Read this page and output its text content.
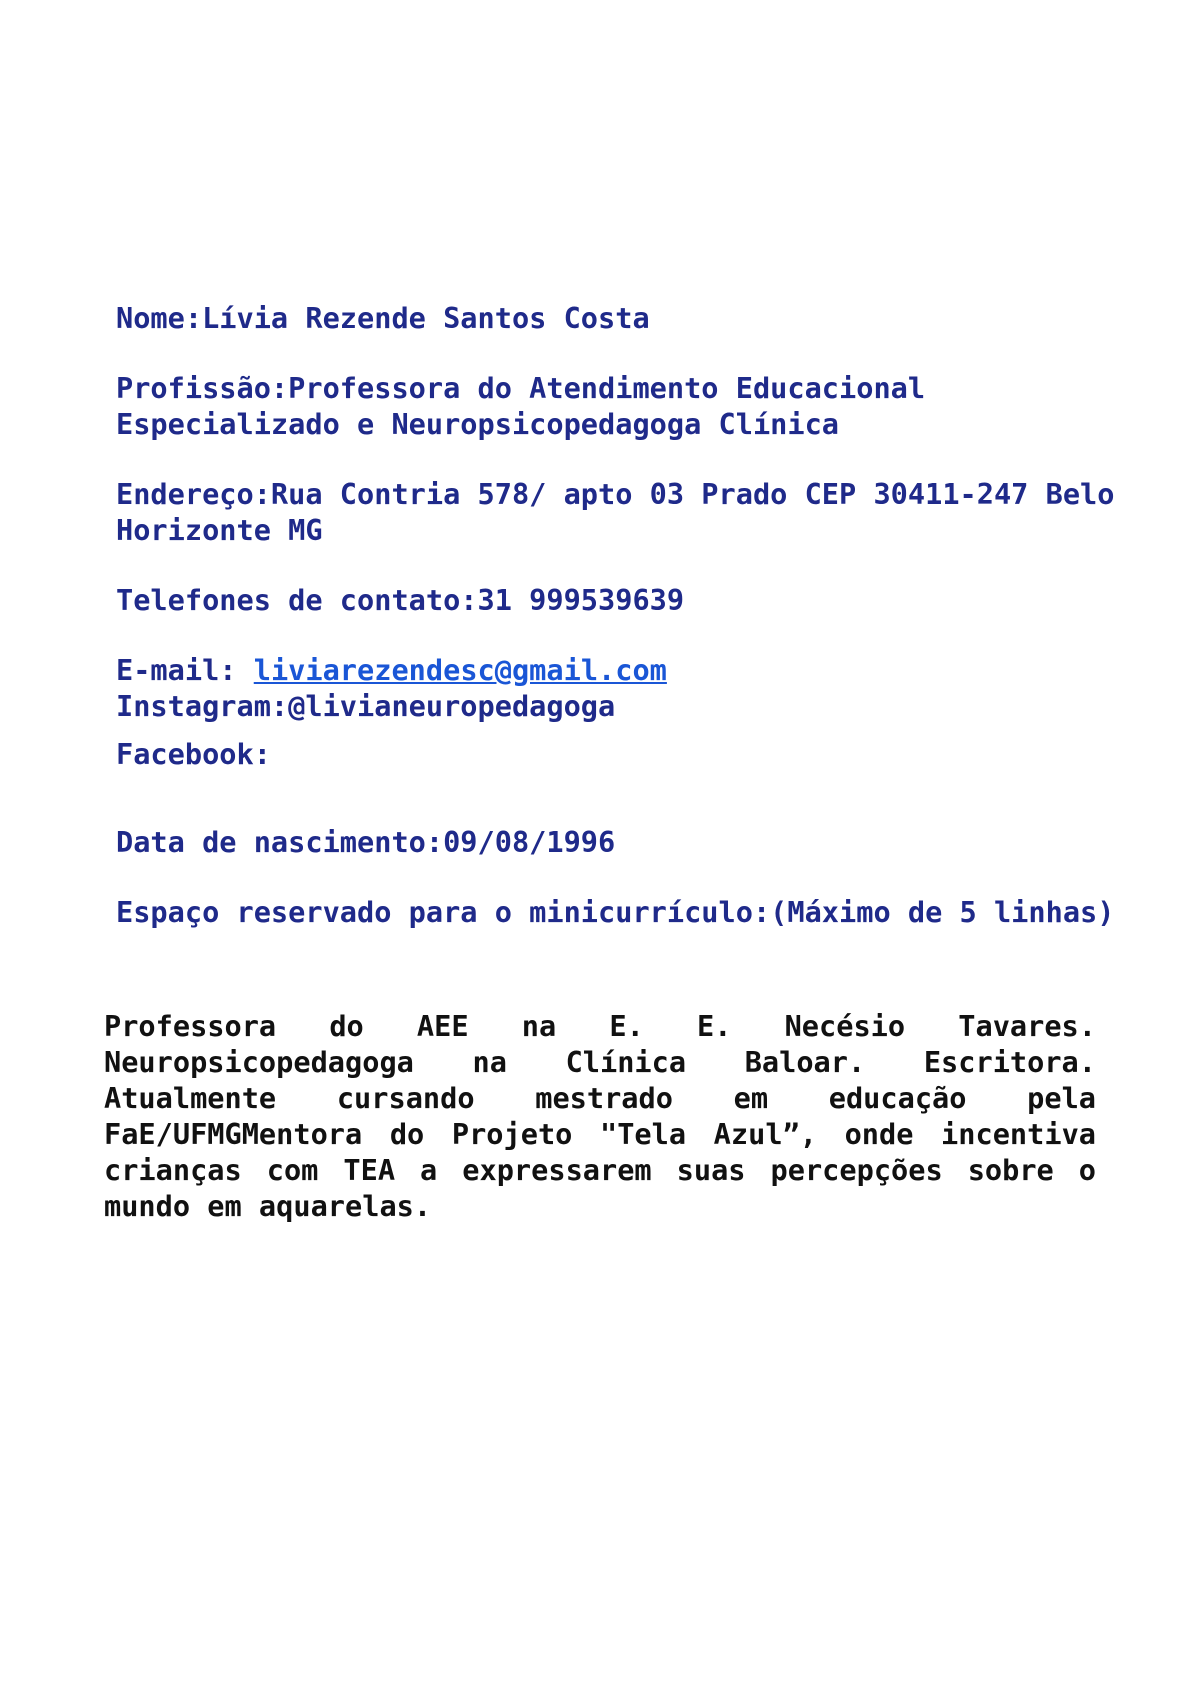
Nome:Lívia Rezende Santos Costa

Profissão:Professora do Atendimento Educacional Especializado e Neuropsicopedagoga Clínica

Endereço:Rua Contria 578/ apto 03 Prado CEP 30411-247 Belo Horizonte MG

Telefones de contato:31 999539639

E-mail: liviarezendesc@gmail.com

Instagram:@livianeuropedagoga

Facebook:

Data de nascimento:09/08/1996

Espaço reservado para o minicurrículo:(Máximo de 5 linhas)

Professora do AEE na E. E. Necésio Tavares. Neuropsicopedagoga na Clínica Baloar. Escritora. Atualmente cursando mestrado em educação pela FaE/UFMGMentora do Projeto "Tela Azul”, onde incentiva crianças com TEA a expressarem suas percepções sobre o mundo em aquarelas.
